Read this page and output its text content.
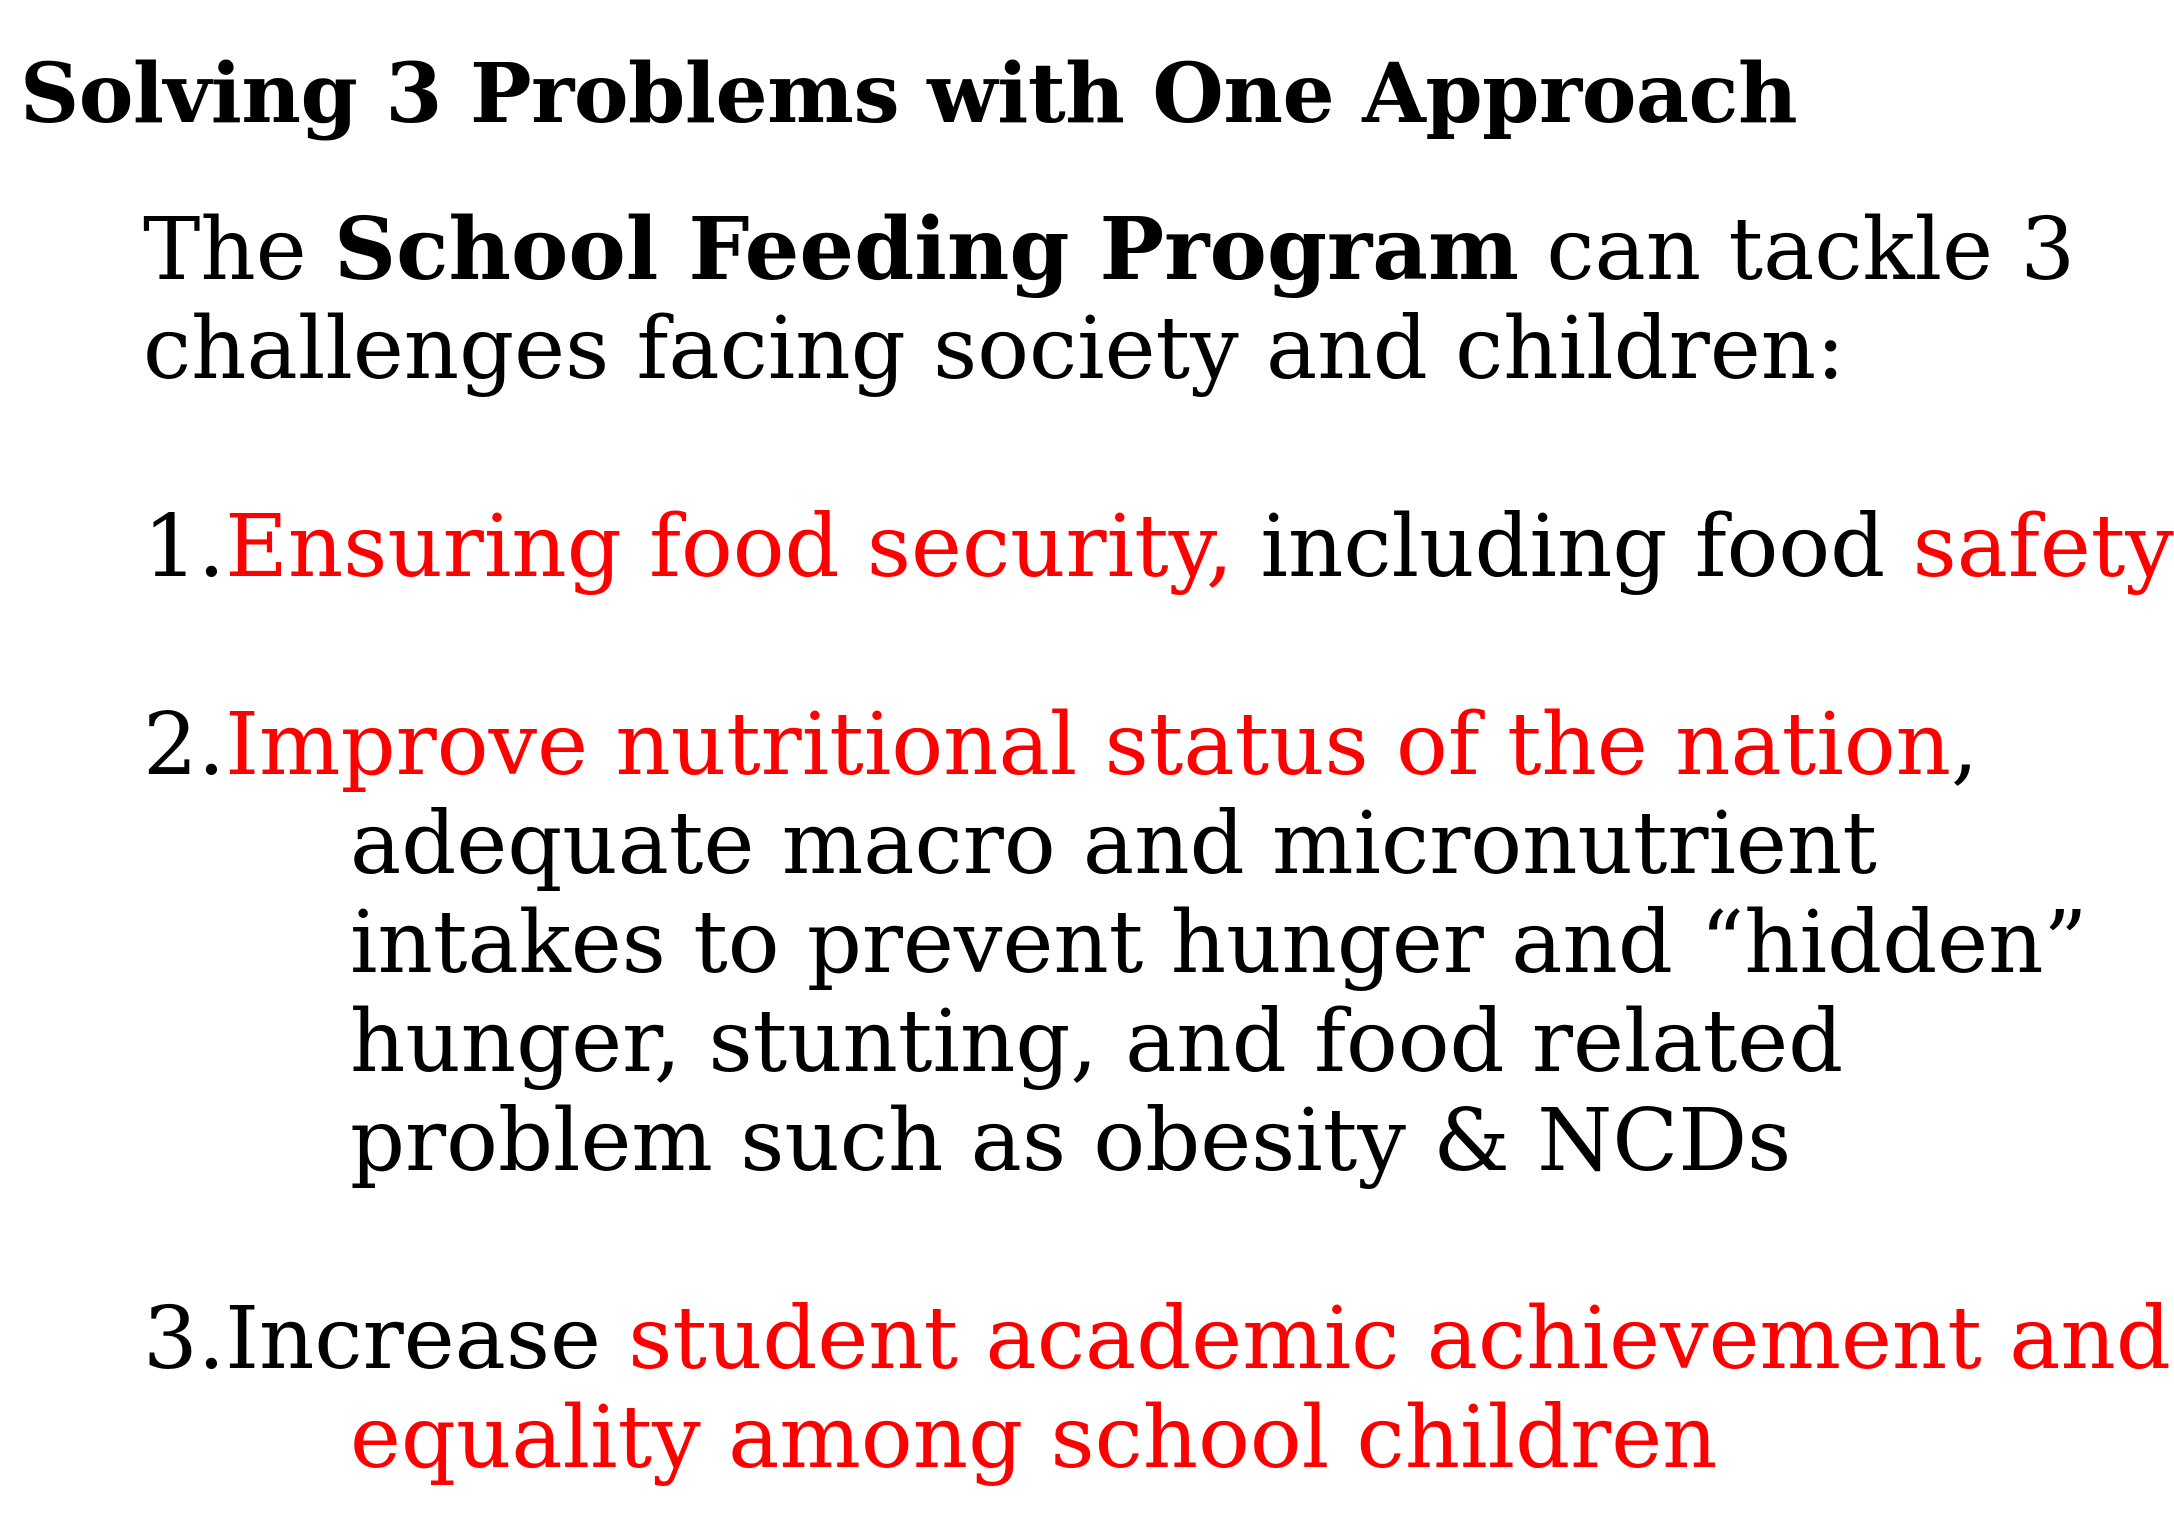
Solving 3 Problems with One Approach

The School Feeding Program can tackle 3
challenges facing society and children:

1.Ensuring food security, including food safety

2.Improve nutritional status of the nation,
adequate macro and micronutrient
intakes to prevent hunger and “hidden”
hunger, stunting, and food related
problem such as obesity & NCDs

3.Increase student academic achievement and
equality among school children
